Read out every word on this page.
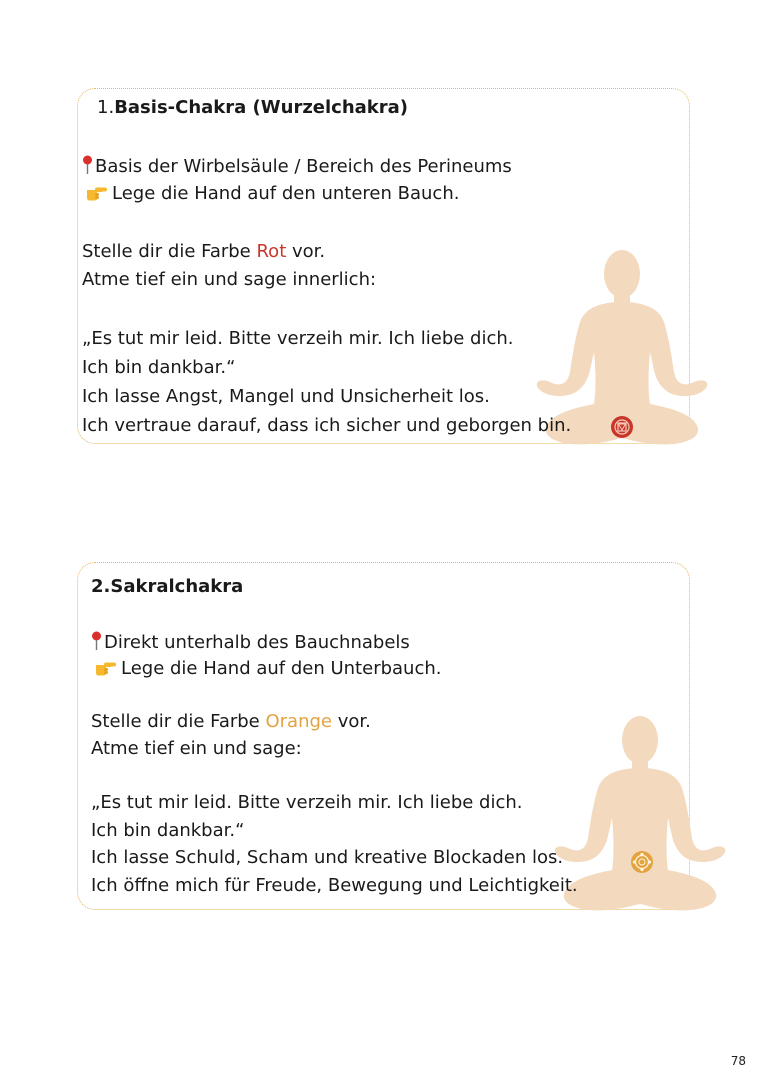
1.Basis-Chakra (Wurzelchakra)
Basis der Wirbelsäule / Bereich des Perineums
Lege die Hand auf den unteren Bauch.
Stelle dir die Farbe Rot vor.
Atme tief ein und sage innerlich:
„Es tut mir leid. Bitte verzeih mir. Ich liebe dich.
Ich bin dankbar.“
Ich lasse Angst, Mangel und Unsicherheit los.
Ich vertraue darauf, dass ich sicher und geborgen bin.
2.Sakralchakra
Direkt unterhalb des Bauchnabels
Lege die Hand auf den Unterbauch.
Stelle dir die Farbe Orange vor.
Atme tief ein und sage:
„Es tut mir leid. Bitte verzeih mir. Ich liebe dich.
Ich bin dankbar.“
Ich lasse Schuld, Scham und kreative Blockaden los.
Ich öffne mich für Freude, Bewegung und Leichtigkeit.
78
